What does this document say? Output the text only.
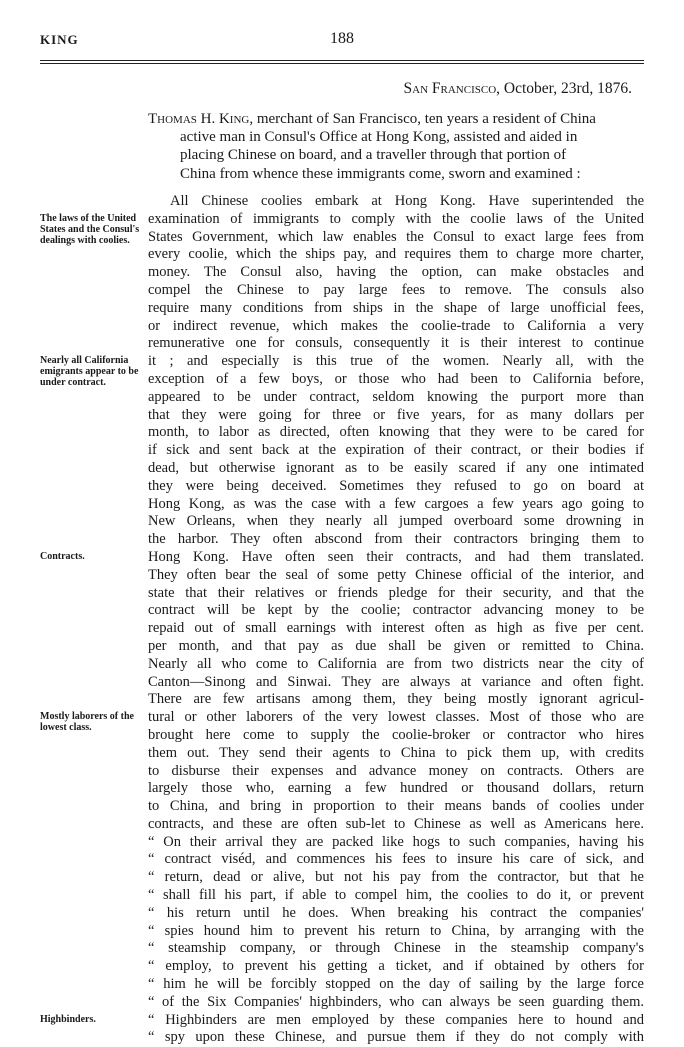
KING	188
San Francisco, October, 23rd, 1876.
Thomas H. King, merchant of San Francisco, ten years a resident of China
active man in Consul's Office at Hong Kong, assisted and aided in
placing Chinese on board, and a traveller through that portion of
China from whence these immigrants come, sworn and examined :
All Chinese coolies embark at Hong Kong. Have superintended the
examination of immigrants to comply with the coolie laws of the United
States Government, which law enables the Consul to exact large fees from
every coolie, which the ships pay, and requires them to charge more charter,
money. The Consul also, having the option, can make obstacles and
compel the Chinese to pay large fees to remove. The consuls also
require many conditions from ships in the shape of large unofficial fees,
or indirect revenue, which makes the coolie-trade to California a very
remunerative one for consuls, consequently it is their interest to continue
it ; and especially is this true of the women. Nearly all, with the
exception of a few boys, or those who had been to California before,
appeared to be under contract, seldom knowing the purport more than
that they were going for three or five years, for as many dollars per
month, to labor as directed, often knowing that they were to be cared for
if sick and sent back at the expiration of their contract, or their bodies if
dead, but otherwise ignorant as to be easily scared if any one intimated
they were being deceived. Sometimes they refused to go on board at
Hong Kong, as was the case with a few cargoes a few years ago going to
New Orleans, when they nearly all jumped overboard some drowning in
the harbor. They often abscond from their contractors bringing them to
Hong Kong. Have often seen their contracts, and had them translated.
They often bear the seal of some petty Chinese official of the interior, and
state that their relatives or friends pledge for their security, and that the
contract will be kept by the coolie; contractor advancing money to be
repaid out of small earnings with interest often as high as five per cent.
per month, and that pay as due shall be given or remitted to China.
Nearly all who come to California are from two districts near the city of
Canton—Sinong and Sinwai. They are always at variance and often fight.
There are few artisans among them, they being mostly ignorant agricul-
tural or other laborers of the very lowest classes. Most of those who are
brought here come to supply the coolie-broker or contractor who hires
them out. They send their agents to China to pick them up, with credits
to disburse their expenses and advance money on contracts. Others are
largely those who, earning a few hundred or thousand dollars, return
to China, and bring in proportion to their means bands of coolies under
contracts, and these are often sub-let to Chinese as well as Americans here.
“ On their arrival they are packed like hogs to such companies, having his
“ contract viséd, and commences his fees to insure his care of sick, and
“ return, dead or alive, but not his pay from the contractor, but that he
“ shall fill his part, if able to compel him, the coolies to do it, or prevent
“ his return until he does. When breaking his contract the companies'
“ spies hound him to prevent his return to China, by arranging with the
“ steamship company, or through Chinese in the steamship company's
“ employ, to prevent his getting a ticket, and if obtained by others for
“ him he will be forcibly stopped on the day of sailing by the large force
“ of the Six Companies' highbinders, who can always be seen guarding them.
“ Highbinders are men employed by these companies here to hound and
“ spy upon these Chinese, and pursue them if they do not comply with
The laws of the United States and the Consul's dealings with coolies.
Nearly all California emigrants appear to be under contract.
Contracts.
Mostly laborers of the lowest class.
Highbinders.
